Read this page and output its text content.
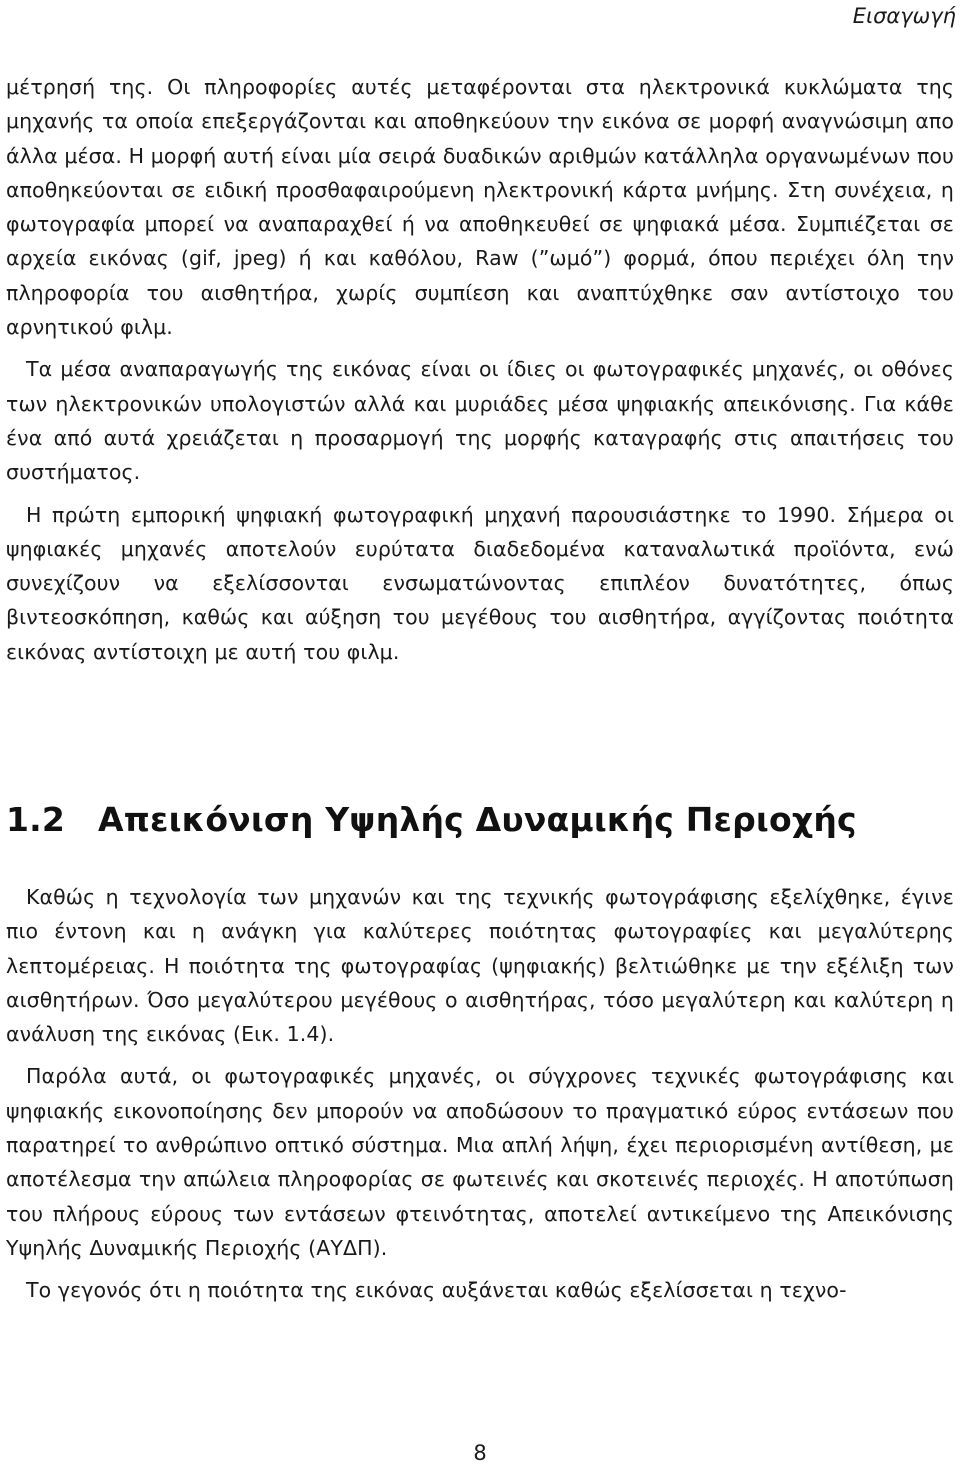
Εισαγωγή

μέτρησή της. Οι πληροφορίες αυτές μεταφέρονται στα ηλεκτρονικά κυκλώματα της μηχανής τα οποία επεξεργάζονται και αποθηκεύουν την εικόνα σε μορφή αναγνώσιμη απο άλλα μέσα. Η μορφή αυτή είναι μία σειρά δυαδικών αριθμών κατάλληλα οργανωμένων που αποθηκεύονται σε ειδική προσθαφαιρούμενη ηλεκτρονική κάρτα μνήμης. Στη συνέχεια, η φωτογραφία μπορεί να αναπαραχθεί ή να αποθηκευθεί σε ψηφιακά μέσα. Συμπιέζεται σε αρχεία εικόνας (gif, jpeg) ή και καθόλου, Raw (”ωμό”) φορμά, όπου περιέχει όλη την πληροφορία του αισθητήρα, χωρίς συμπίεση και αναπτύχθηκε σαν αντίστοιχο του αρνητικού φιλμ.

Τα μέσα αναπαραγωγής της εικόνας είναι οι ίδιες οι φωτογραφικές μηχανές, οι οθόνες των ηλεκτρονικών υπολογιστών αλλά και μυριάδες μέσα ψηφιακής απεικόνισης. Για κάθε ένα από αυτά χρειάζεται η προσαρμογή της μορφής καταγραφής στις απαιτήσεις του συστήματος.

Η πρώτη εμπορική ψηφιακή φωτογραφική μηχανή παρουσιάστηκε το 1990. Σήμερα οι ψηφιακές μηχανές αποτελούν ευρύτατα διαδεδομένα καταναλωτικά προϊόντα, ενώ συνεχίζουν να εξελίσσονται ενσωματώνοντας επιπλέον δυνατότητες, όπως βιντεοσκόπηση, καθώς και αύξηση του μεγέθους του αισθητήρα, αγγίζοντας ποιότητα εικόνας αντίστοιχη με αυτή του φιλμ.

1.2 Απεικόνιση Υψηλής Δυναμικής Περιοχής

Καθώς η τεχνολογία των μηχανών και της τεχνικής φωτογράφισης εξελίχθηκε, έγινε πιο έντονη και η ανάγκη για καλύτερες ποιότητας φωτογραφίες και μεγαλύτερης λεπτομέρειας. Η ποιότητα της φωτογραφίας (ψηφιακής) βελτιώθηκε με την εξέλιξη των αισθητήρων. Όσο μεγαλύτερου μεγέθους ο αισθητήρας, τόσο μεγαλύτερη και καλύτερη η ανάλυση της εικόνας (Εικ. 1.4).

Παρόλα αυτά, οι φωτογραφικές μηχανές, οι σύγχρονες τεχνικές φωτογράφισης και ψηφιακής εικονοποίησης δεν μπορούν να αποδώσουν το πραγματικό εύρος εντάσεων που παρατηρεί το ανθρώπινο οπτικό σύστημα. Μια απλή λήψη, έχει περιορισμένη αντίθεση, με αποτέλεσμα την απώλεια πληροφορίας σε φωτεινές και σκοτεινές περιοχές. Η αποτύπωση του πλήρους εύρους των εντάσεων φτεινότητας, αποτελεί αντικείμενο της Απεικόνισης Υψηλής Δυναμικής Περιοχής (ΑΥΔΠ).

Το γεγονός ότι η ποιότητα της εικόνας αυξάνεται καθώς εξελίσσεται η τεχνο-

8
